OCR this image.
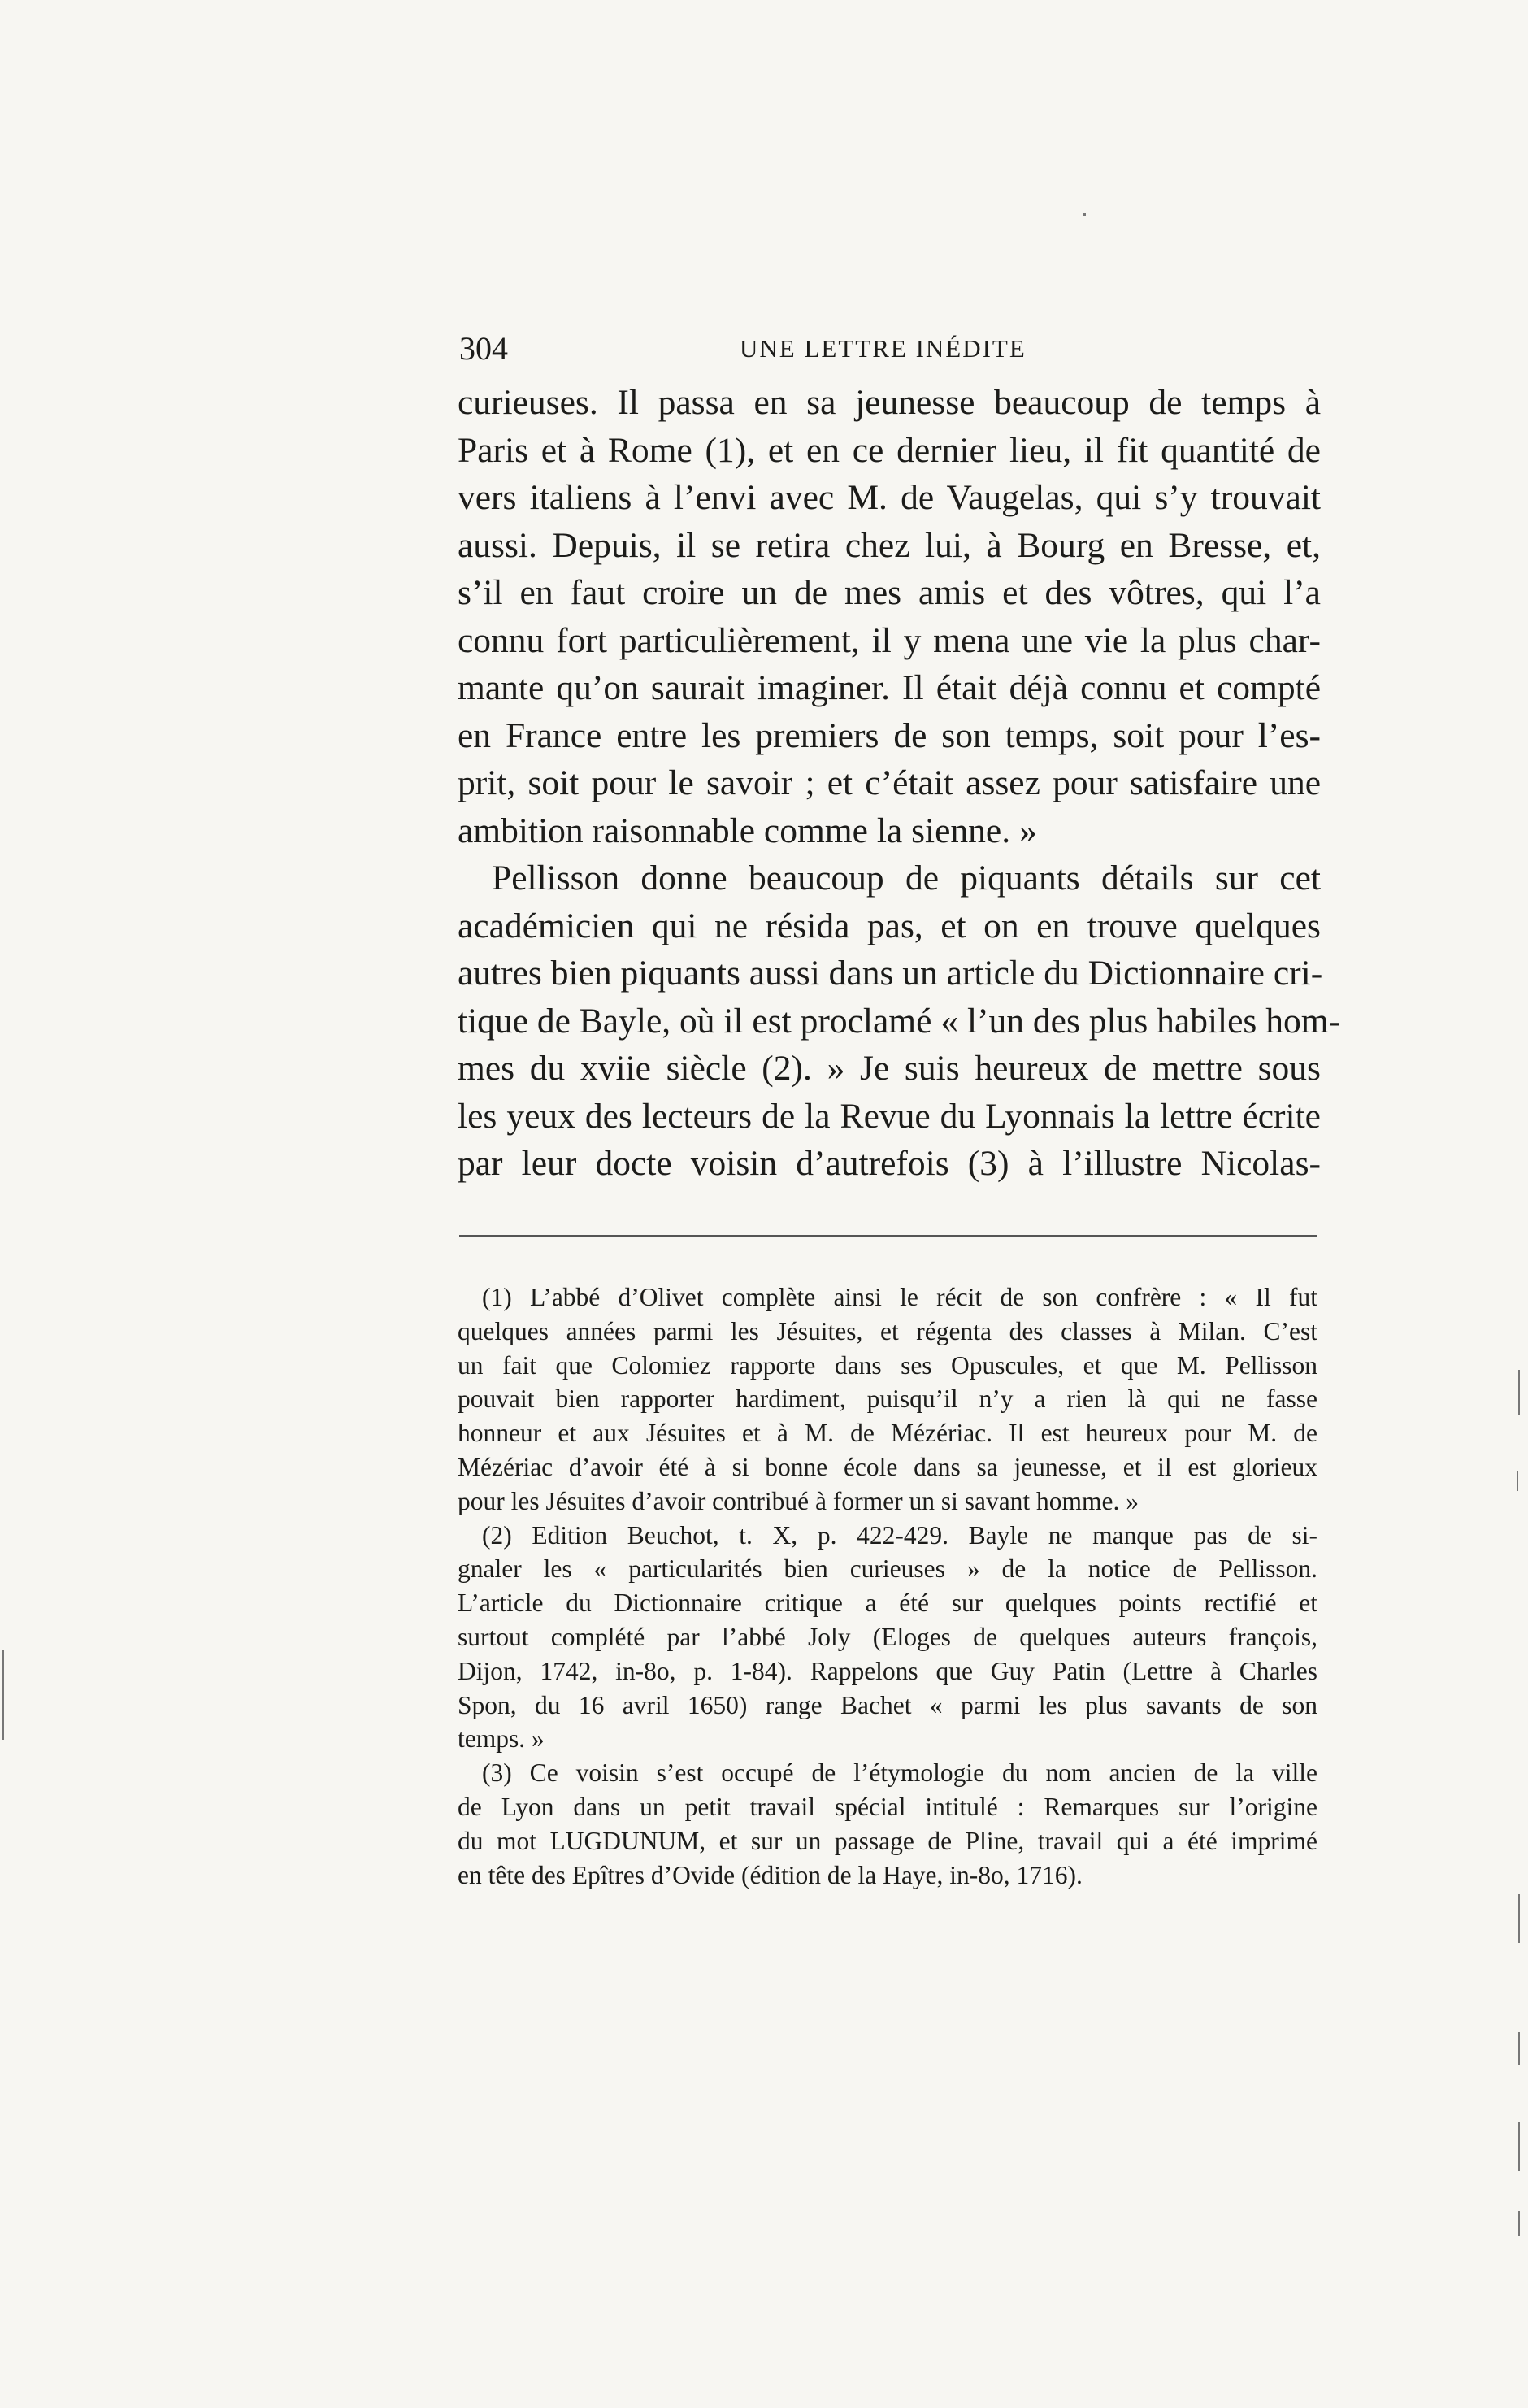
304	UNE LETTRE INÉDITE
curieuses. Il passa en sa jeunesse beaucoup de temps à
Paris et à Rome (1), et en ce dernier lieu, il fit quantité de
vers italiens à l’envi avec M. de Vaugelas, qui s’y trouvait
aussi. Depuis, il se retira chez lui, à Bourg en Bresse, et,
s’il en faut croire un de mes amis et des vôtres, qui l’a
connu fort particulièrement, il y mena une vie la plus char-
mante qu’on saurait imaginer. Il était déjà connu et compté
en France entre les premiers de son temps, soit pour l’es-
prit, soit pour le savoir ; et c’était assez pour satisfaire une
ambition raisonnable comme la sienne. »
Pellisson donne beaucoup de piquants détails sur cet
académicien qui ne résida pas, et on en trouve quelques
autres bien piquants aussi dans un article du Dictionnaire cri-
tique de Bayle, où il est proclamé « l’un des plus habiles hom-
mes du xviie siècle (2). » Je suis heureux de mettre sous
les yeux des lecteurs de la Revue du Lyonnais la lettre écrite
par leur docte voisin d’autrefois (3) à l’illustre Nicolas-
(1) L’abbé d’Olivet complète ainsi le récit de son confrère : « Il fut
quelques années parmi les Jésuites, et régenta des classes à Milan. C’est
un fait que Colomiez rapporte dans ses Opuscules, et que M. Pellisson
pouvait bien rapporter hardiment, puisqu’il n’y a rien là qui ne fasse
honneur et aux Jésuites et à M. de Mézériac. Il est heureux pour M. de
Mézériac d’avoir été à si bonne école dans sa jeunesse, et il est glorieux
pour les Jésuites d’avoir contribué à former un si savant homme. »
(2) Edition Beuchot, t. X, p. 422-429. Bayle ne manque pas de si-
gnaler les « particularités bien curieuses » de la notice de Pellisson.
L’article du Dictionnaire critique a été sur quelques points rectifié et
surtout complété par l’abbé Joly (Eloges de quelques auteurs françois,
Dijon, 1742, in-8o, p. 1-84). Rappelons que Guy Patin (Lettre à Charles
Spon, du 16 avril 1650) range Bachet « parmi les plus savants de son
temps. »
(3) Ce voisin s’est occupé de l’étymologie du nom ancien de la ville
de Lyon dans un petit travail spécial intitulé : Remarques sur l’origine
du mot LUGDUNUM, et sur un passage de Pline, travail qui a été imprimé
en tête des Epîtres d’Ovide (édition de la Haye, in-8o, 1716).
